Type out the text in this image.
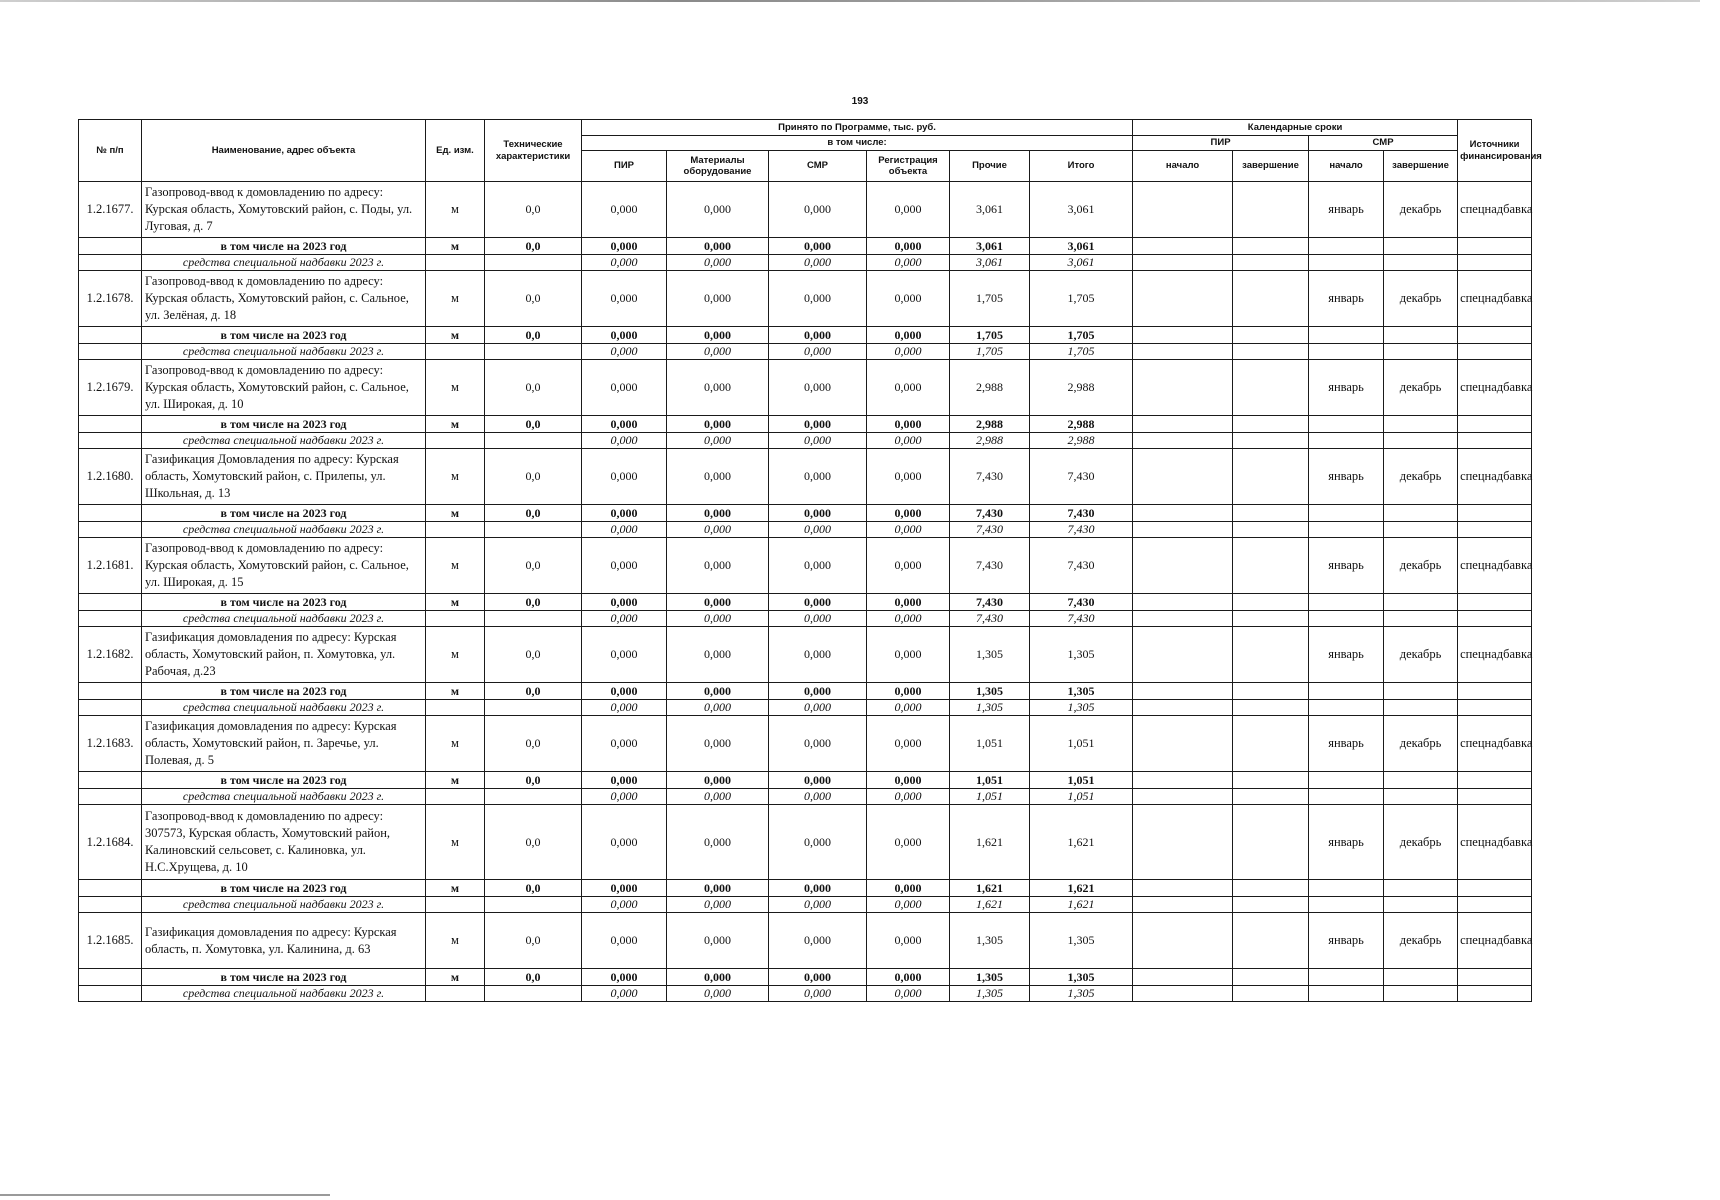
193
№ п/п	Наименование, адрес объекта	Ед. изм.	Технические характеристики	Принято по Программе, тыс. руб.						Календарные сроки				Источники финансирования
				в том числе:						ПИР		СМР		
				ПИР	Материалы оборудование	СМР	Регистрация объекта	Прочие	Итого	начало	завершение	начало	завершение	
1.2.1677.	Газопровод-ввод к домовладению по адресу: Курская область, Хомутовский район, с. Поды, ул. Луговая, д. 7	м	0,0	0,000	0,000	0,000	0,000	3,061	3,061			январь	декабрь	спецнадбавка
	в том числе на 2023 год	м	0,0	0,000	0,000	0,000	0,000	3,061	3,061					
	средства специальной надбавки 2023 г.			0,000	0,000	0,000	0,000	3,061	3,061					
1.2.1678.	Газопровод-ввод к домовладению по адресу: Курская область, Хомутовский район, с. Сальное, ул. Зелёная, д. 18	м	0,0	0,000	0,000	0,000	0,000	1,705	1,705			январь	декабрь	спецнадбавка
	в том числе на 2023 год	м	0,0	0,000	0,000	0,000	0,000	1,705	1,705					
	средства специальной надбавки 2023 г.			0,000	0,000	0,000	0,000	1,705	1,705					
1.2.1679.	Газопровод-ввод к домовладению по адресу: Курская область, Хомутовский район, с. Сальное, ул. Широкая, д. 10	м	0,0	0,000	0,000	0,000	0,000	2,988	2,988			январь	декабрь	спецнадбавка
	в том числе на 2023 год	м	0,0	0,000	0,000	0,000	0,000	2,988	2,988					
	средства специальной надбавки 2023 г.			0,000	0,000	0,000	0,000	2,988	2,988					
1.2.1680.	Газификация Домовладения по адресу: Курская область, Хомутовский район, с. Прилепы, ул. Школьная, д. 13	м	0,0	0,000	0,000	0,000	0,000	7,430	7,430			январь	декабрь	спецнадбавка
	в том числе на 2023 год	м	0,0	0,000	0,000	0,000	0,000	7,430	7,430					
	средства специальной надбавки 2023 г.			0,000	0,000	0,000	0,000	7,430	7,430					
1.2.1681.	Газопровод-ввод к домовладению по адресу: Курская область, Хомутовский район, с. Сальное, ул. Широкая, д. 15	м	0,0	0,000	0,000	0,000	0,000	7,430	7,430			январь	декабрь	спецнадбавка
	в том числе на 2023 год	м	0,0	0,000	0,000	0,000	0,000	7,430	7,430					
	средства специальной надбавки 2023 г.			0,000	0,000	0,000	0,000	7,430	7,430					
1.2.1682.	Газификация домовладения по адресу: Курская область, Хомутовский район, п. Хомутовка, ул. Рабочая, д.23	м	0,0	0,000	0,000	0,000	0,000	1,305	1,305			январь	декабрь	спецнадбавка
	в том числе на 2023 год	м	0,0	0,000	0,000	0,000	0,000	1,305	1,305					
	средства специальной надбавки 2023 г.			0,000	0,000	0,000	0,000	1,305	1,305					
1.2.1683.	Газификация домовладения по адресу: Курская область, Хомутовский район, п. Заречье, ул. Полевая, д. 5	м	0,0	0,000	0,000	0,000	0,000	1,051	1,051			январь	декабрь	спецнадбавка
	в том числе на 2023 год	м	0,0	0,000	0,000	0,000	0,000	1,051	1,051					
	средства специальной надбавки 2023 г.			0,000	0,000	0,000	0,000	1,051	1,051					
1.2.1684.	Газопровод-ввод к домовладению по адресу: 307573, Курская область, Хомутовский район, Калиновский сельсовет, с. Калиновка, ул. Н.С.Хрущева, д. 10	м	0,0	0,000	0,000	0,000	0,000	1,621	1,621			январь	декабрь	спецнадбавка
	в том числе на 2023 год	м	0,0	0,000	0,000	0,000	0,000	1,621	1,621					
	средства специальной надбавки 2023 г.			0,000	0,000	0,000	0,000	1,621	1,621					
1.2.1685.	Газификация домовладения по адресу: Курская область, п. Хомутовка, ул. Калинина, д. 63	м	0,0	0,000	0,000	0,000	0,000	1,305	1,305			январь	декабрь	спецнадбавка
	в том числе на 2023 год	м	0,0	0,000	0,000	0,000	0,000	1,305	1,305					
	средства специальной надбавки 2023 г.			0,000	0,000	0,000	0,000	1,305	1,305					
